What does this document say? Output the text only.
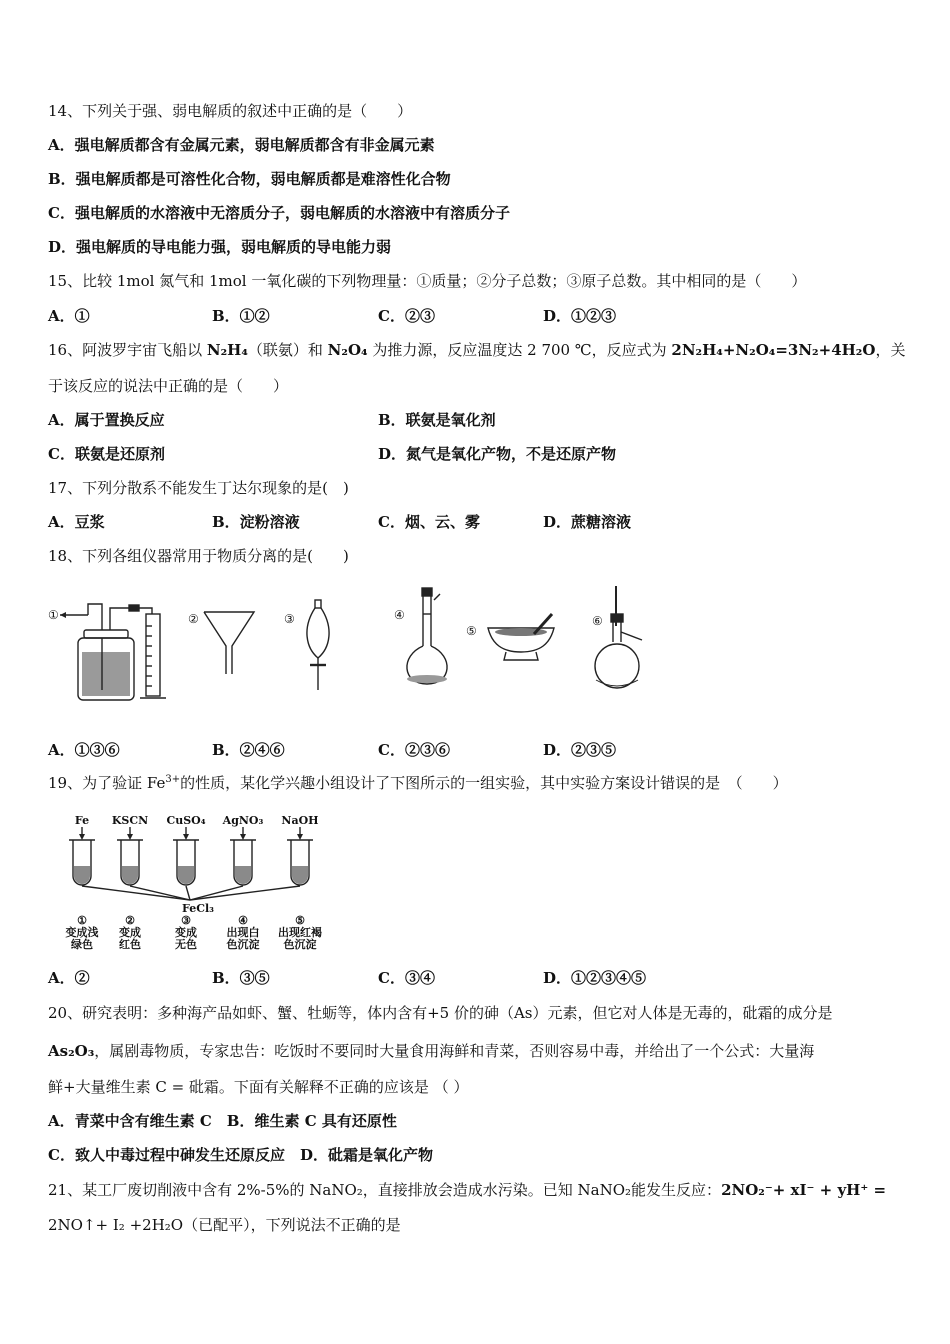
14、下列关于强、弱电解质的叙述中正确的是（　　）
A．强电解质都含有金属元素，弱电解质都含有非金属元素
B．强电解质都是可溶性化合物，弱电解质都是难溶性化合物
C．强电解质的水溶液中无溶质分子，弱电解质的水溶液中有溶质分子
D．强电解质的导电能力强，弱电解质的导电能力弱
15、比较 1mol 氮气和 1mol 一氧化碳的下列物理量：①质量；②分子总数；③原子总数。其中相同的是（　　）
A．①	B．①②	C．②③	D．①②③
16、阿波罗宇宙飞船以 N₂H₄（联氨）和 N₂O₄ 为推力源，反应温度达 2 700 ℃，反应式为 2N₂H₄+N₂O₄=3N₂+4H₂O，关
于该反应的说法中正确的是（　　）
A．属于置换反应	B．联氨是氧化剂
C．联氨是还原剂	D．氮气是氧化产物，不是还原产物
17、下列分散系不能发生丁达尔现象的是(　)
A．豆浆	B．淀粉溶液	C．烟、云、雾	D．蔗糖溶液
18、下列各组仪器常用于物质分离的是(　　)
①	②	③	④
⑤
⑥
A．①③⑥	B．②④⑥	C．②③⑥	D．②③⑤
19、为了验证 $Fe^{3+}$的性质，某化学兴趣小组设计了下图所示的一组实验，其中实验方案设计错误的是　（　　）
FeCl₃
Fe
①
变成浅
绿色
KSCN
②
变成
红色
CuSO₄
③
变成
无色
AgNO₃
④
出现白
色沉淀
NaOH
⑤
出现红褐
色沉淀
A．②	B．③⑤	C．③④	D．①②③④⑤
20、研究表明：多种海产品如虾、蟹、牡蛎等，体内含有+5 价的砷（As）元素，但它对人体是无毒的，砒霜的成分是
As₂O₃，属剧毒物质，专家忠告：吃饭时不要同时大量食用海鲜和青菜，否则容易中毒，并给出了一个公式：大量海
鲜+大量维生素 C = 砒霜。下面有关解释不正确的应该是 （ ）
A．青菜中含有维生素 C　B．维生素 C 具有还原性
C．致人中毒过程中砷发生还原反应　D．砒霜是氧化产物
21、某工厂废切削液中含有 2%-5%的 NaNO₂，直接排放会造成水污染。已知 NaNO₂能发生反应：2NO₂⁻+ xI⁻ + yH⁺ =
2NO↑+ I₂ +2H₂O（已配平），下列说法不正确的是
